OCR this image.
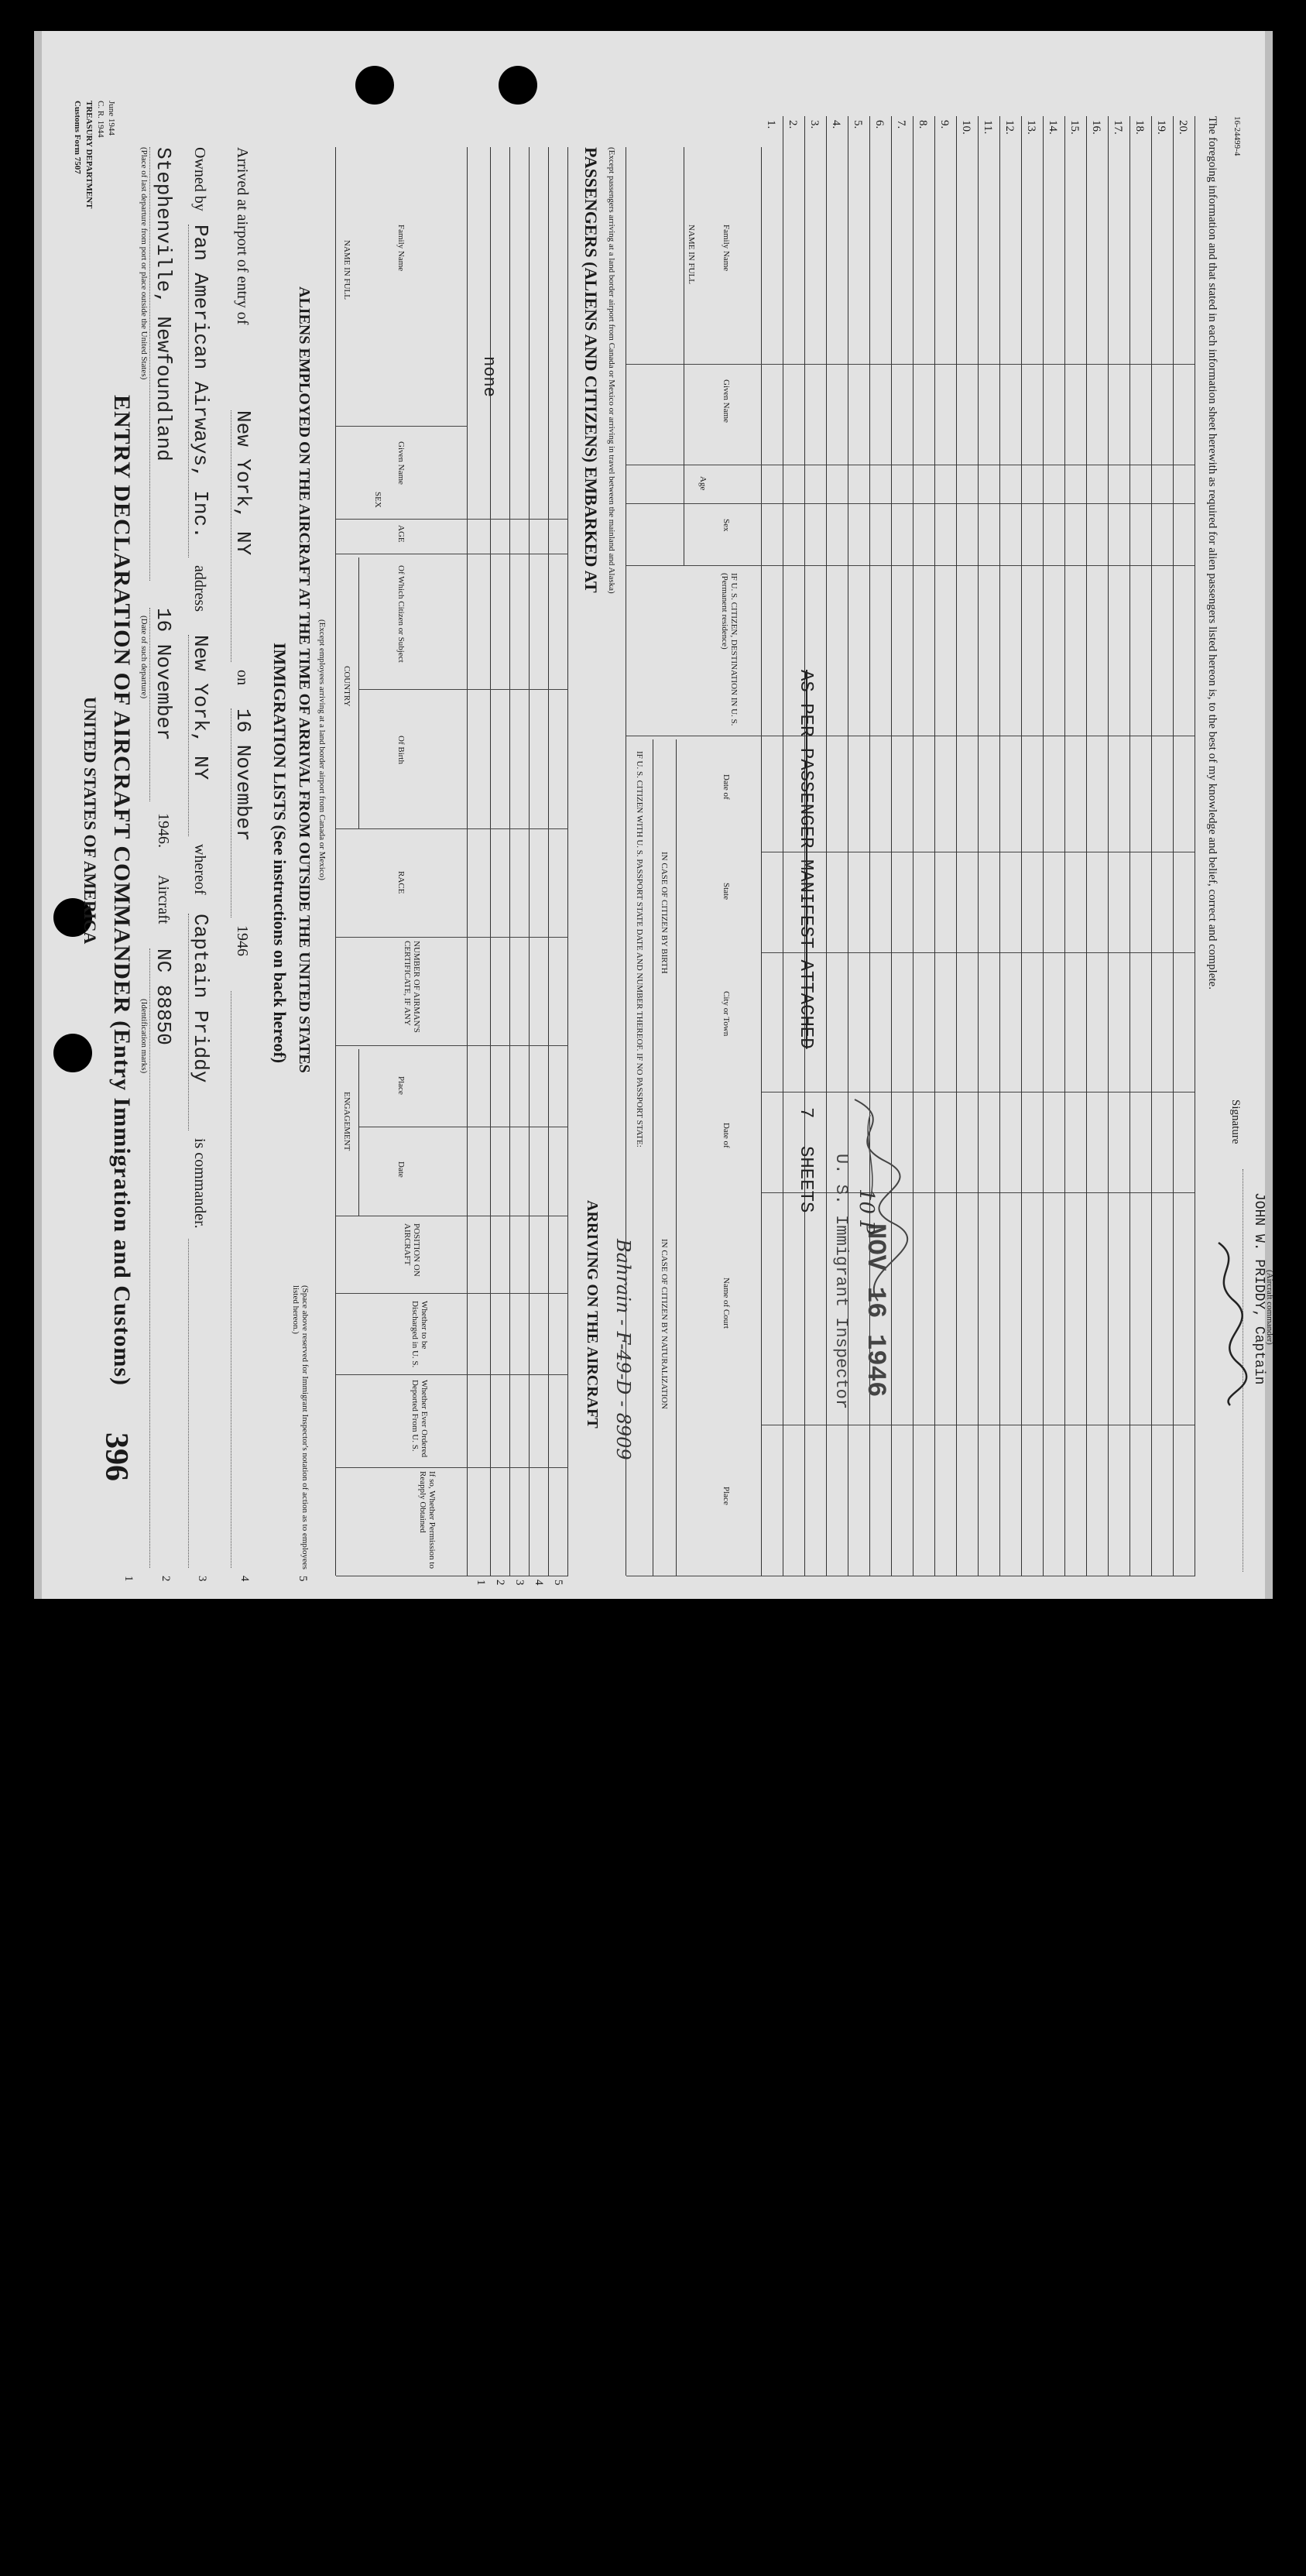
Customs Form 7507 TREASURY DEPARTMENT C. R. 1944 June 1944
UNITED STATES OF AMERICA ENTRY DECLARATION OF AIRCRAFT COMMANDER (Entry Immigration and Customs)
396
1
Stephenville, Newfoundland
16 November
1946.
Aircraft
NC 88850
2
(Place of last departure from port or place outside the United States)
(Date of such departure)
(Identification marks)
Owned by
Pan American Airways, Inc.
address
New York, NY
whereof
Captain Priddy
is commander.
3
Arrived at airport of entry of
New York, NY
on
16 November
1946
4
IMMIGRATION LISTS (See instructions on back hereof) ALIENS EMPLOYED ON THE AIRCRAFT AT THE TIME OF ARRIVAL FROM OUTSIDE THE UNITED STATES (Except employees arriving at a land border airport from Canada or Mexico)
(Space above reserved for Immigrant Inspector's notation of action as to employees listed hereon.)
5
NAME IN FULL	Family Name
Given Name
AGE
SEX
COUNTRY
Of Which Citizen or Subject
Of Birth
RACE
NUMBER OF AIRMAN'S CERTIFICATE, IF ANY
ENGAGEMENT
Place
Date
POSITION ON AIRCRAFT
Whether to be Discharged in U. S.
Whether Ever Ordered Deported From U. S.
If so, Whether Permission to Reapply Obtained
none
1 2 3 4 5
PASSENGERS (ALIENS AND CITIZENS) EMBARKED AT
ARRIVING ON THE AIRCRAFT
(Except passengers arriving at a land border airport from Canada or Mexico or arriving in travel between the mainland and Alaska)
Bahrain - F-49-D - 8909
NAME IN FULL	Family Name
Given Name
Age
Sex
IF U. S. CITIZEN, DESTINATION IN U. S. (Permanent residence)
IF U. S. CITIZEN WITH U. S. PASSPORT STATE DATE AND NUMBER THEREOF. IF NO PASSPORT STATE: IN CASE OF CITIZEN BY BIRTH
IN CASE OF CITIZEN BY NATURALIZATION
Date of
State
City or Town
Date of
Name of Court
Place
1. 2. 3. 4. 5. 6. 7. 8. 9. 10. 11. 12. 13. 14. 15. 16. 17. 18. 19. 20.
AS PER PASSENGER MANIFEST ATTACHED
7
SHEETS U. S. Immigrant Inspector NOV 16 1946
10 P
The foregoing information and that stated in each information sheet herewith as required for alien passengers listed hereon is, to the best of my knowledge and belief, correct and complete.
Signature
JOHN W. PRIDDY, Captain
(Aircraft commander)
16-24499-4
